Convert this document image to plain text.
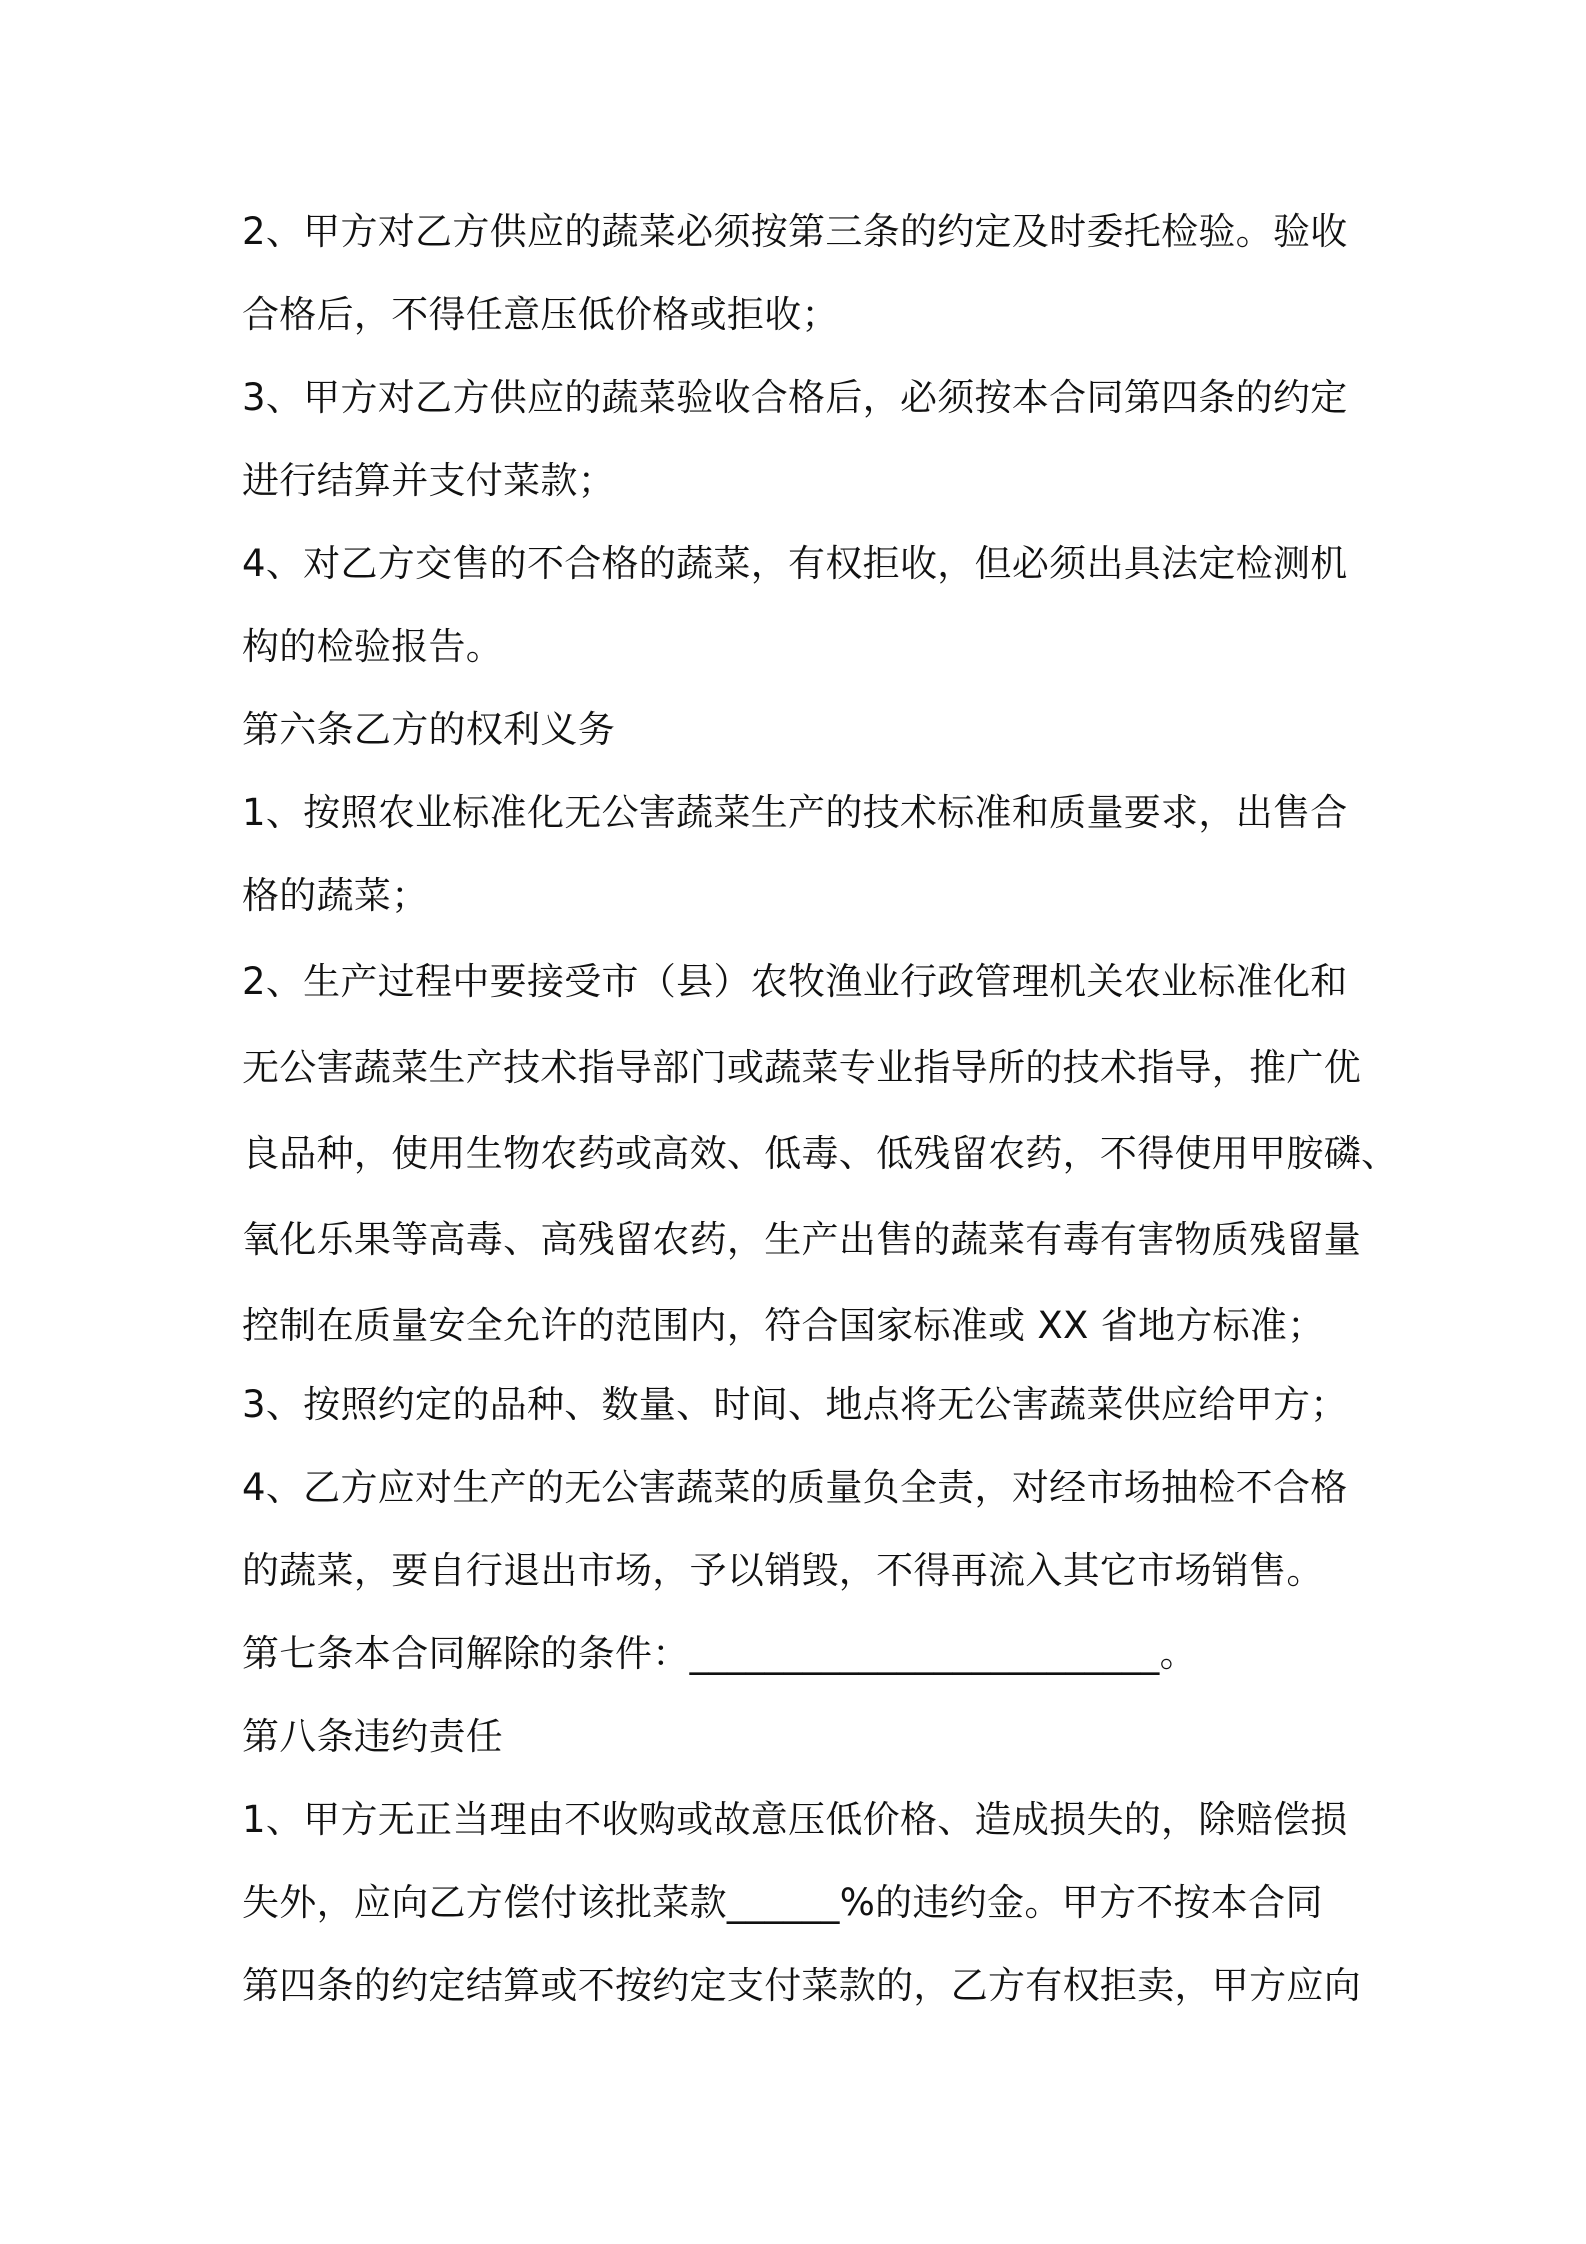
2、甲方对乙方供应的蔬菜必须按第三条的约定及时委托检验。验收
合格后，不得任意压低价格或拒收；
3、甲方对乙方供应的蔬菜验收合格后，必须按本合同第四条的约定
进行结算并支付菜款；
4、对乙方交售的不合格的蔬菜，有权拒收，但必须出具法定检测机
构的检验报告。
第六条乙方的权利义务
1、按照农业标准化无公害蔬菜生产的技术标准和质量要求，出售合
格的蔬菜；
2、生产过程中要接受市（县）农牧渔业行政管理机关农业标准化和
无公害蔬菜生产技术指导部门或蔬菜专业指导所的技术指导，推广优
良品种，使用生物农药或高效、低毒、低残留农药，不得使用甲胺磷、
氧化乐果等高毒、高残留农药，生产出售的蔬菜有毒有害物质残留量
控制在质量安全允许的范围内，符合国家标准或 XX 省地方标准；
3、按照约定的品种、数量、时间、地点将无公害蔬菜供应给甲方；
4、乙方应对生产的无公害蔬菜的质量负全责，对经市场抽检不合格
的蔬菜，要自行退出市场，予以销毁，不得再流入其它市场销售。
第七条本合同解除的条件：_________________________。
第八条违约责任
1、甲方无正当理由不收购或故意压低价格、造成损失的，除赔偿损
失外，应向乙方偿付该批菜款______%的违约金。甲方不按本合同
第四条的约定结算或不按约定支付菜款的，乙方有权拒卖，甲方应向
